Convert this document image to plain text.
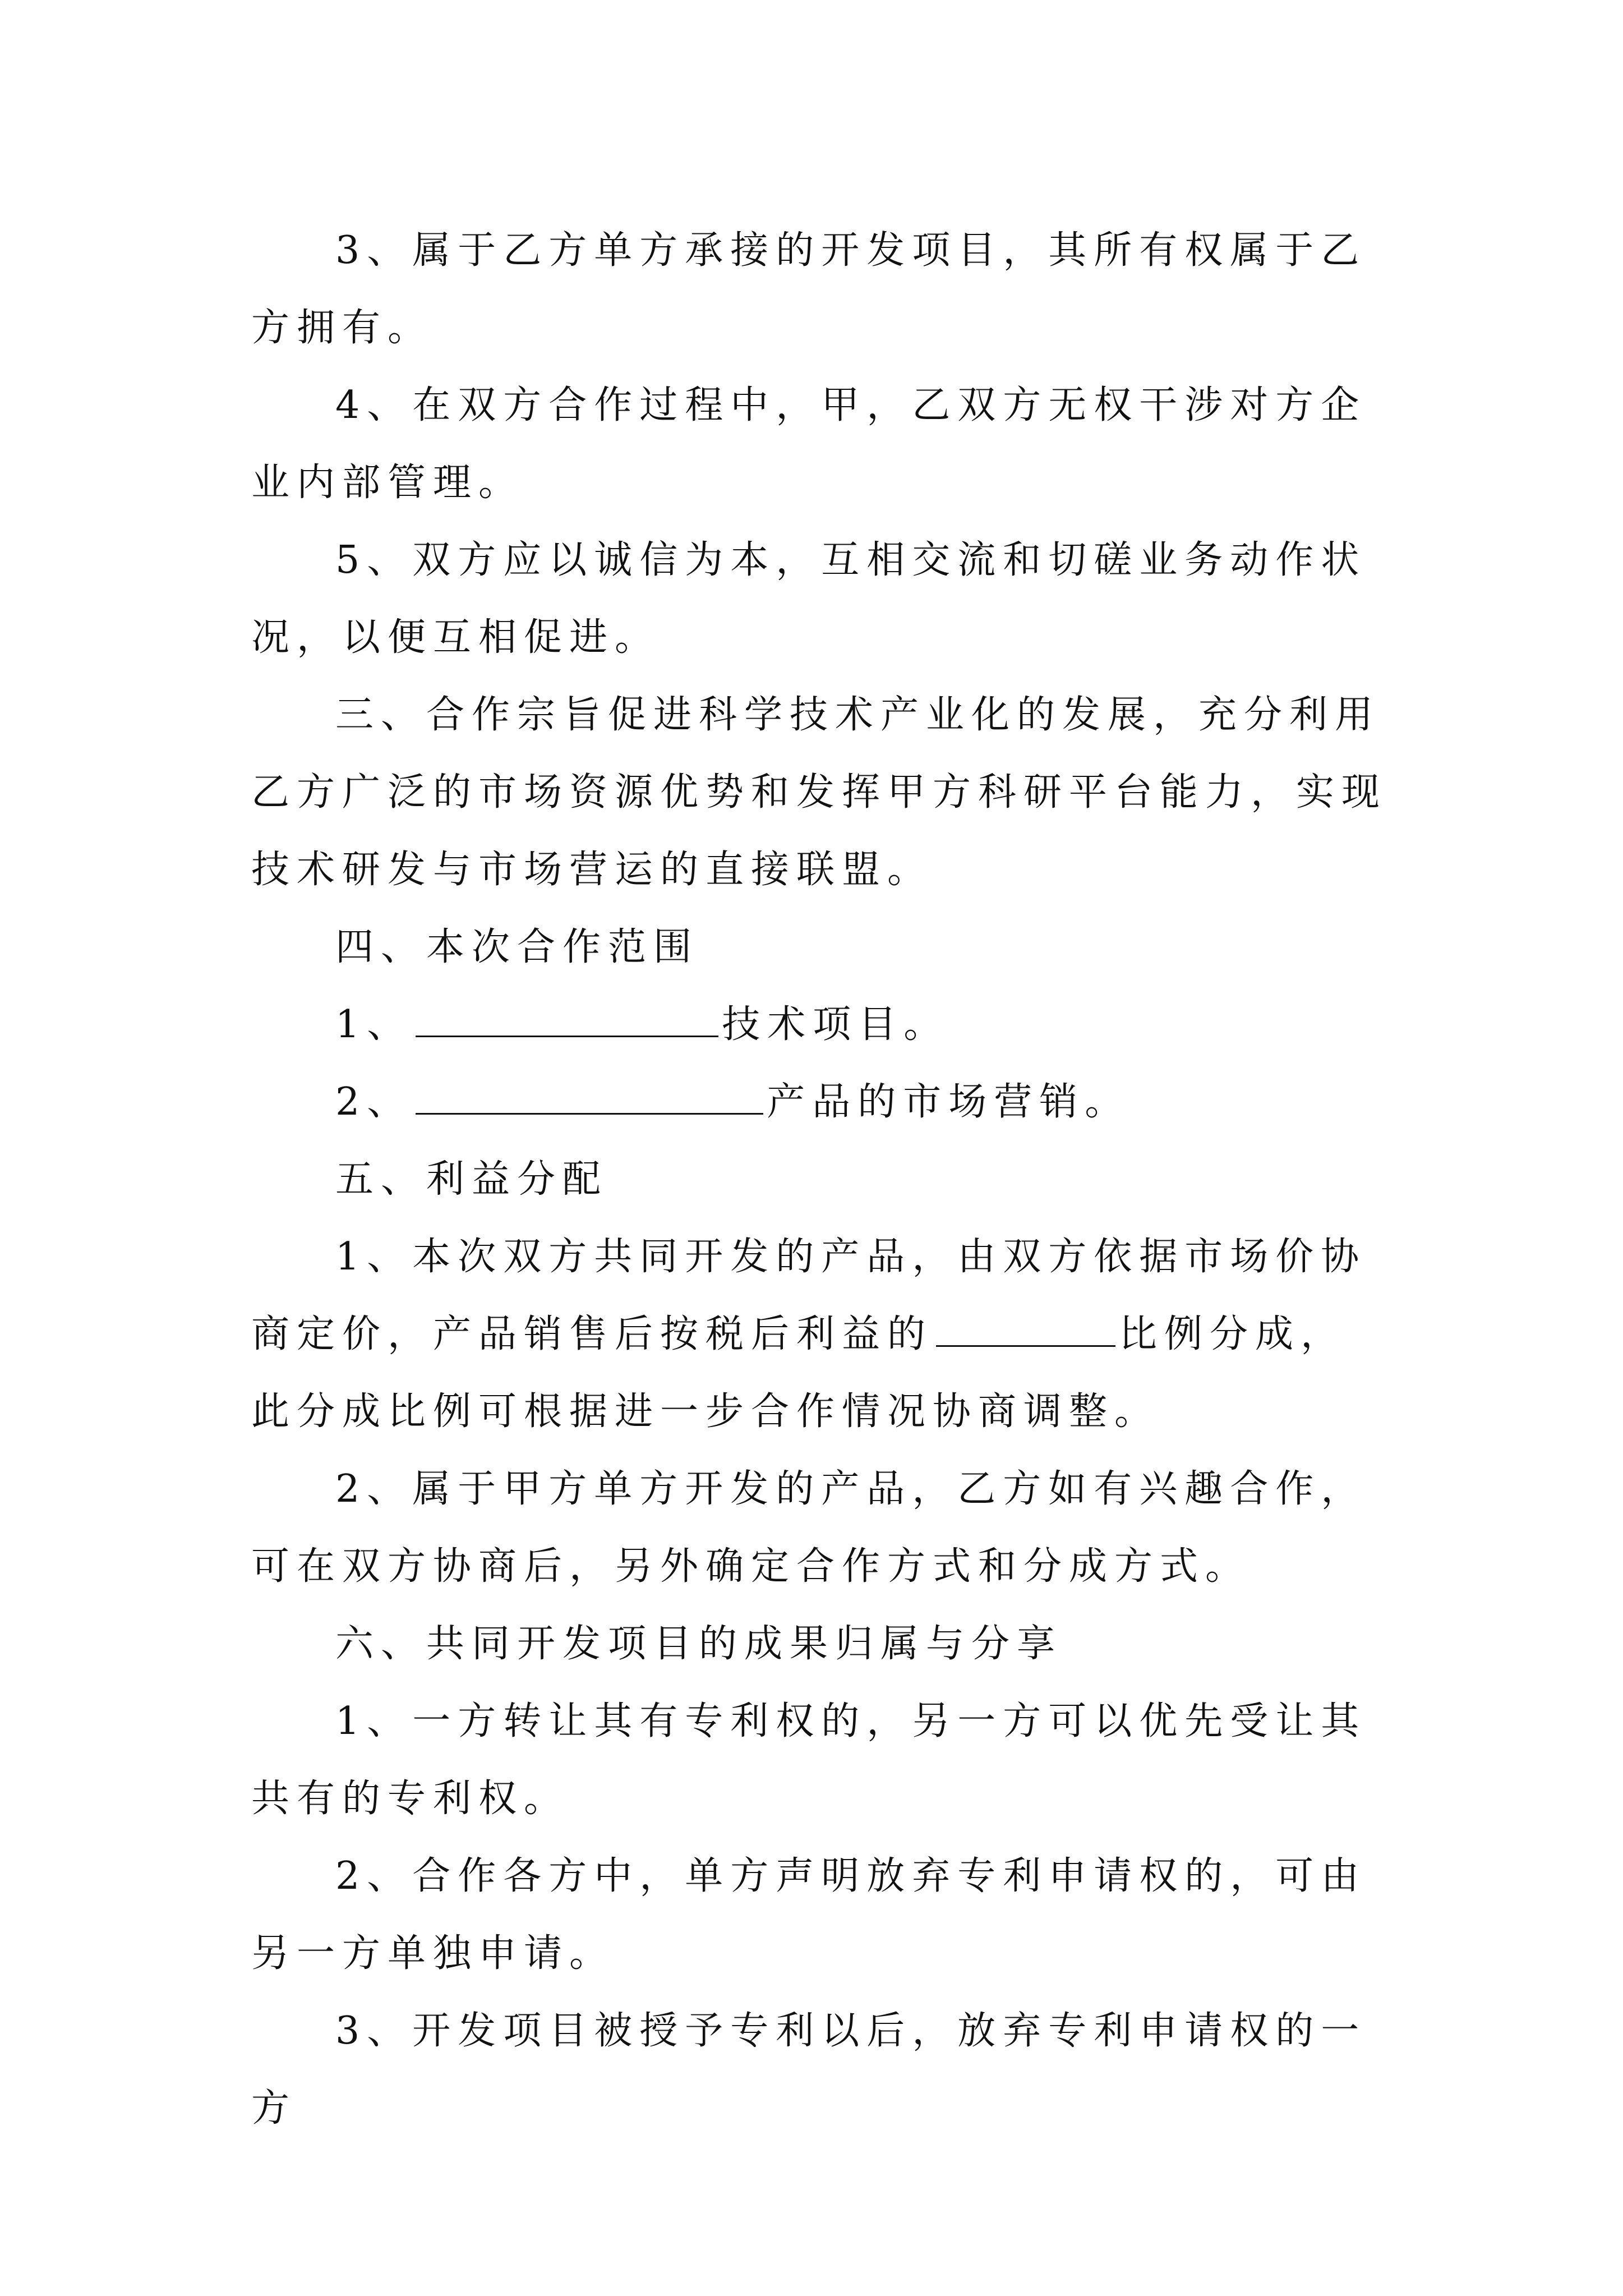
3、属于乙方单方承接的开发项目，其所有权属于乙方拥有。

4、在双方合作过程中，甲，乙双方无权干涉对方企业内部管理。

5、双方应以诚信为本，互相交流和切磋业务动作状况，以便互相促进。

三、合作宗旨促进科学技术产业化的发展，充分利用乙方广泛的市场资源优势和发挥甲方科研平台能力，实现技术研发与市场营运的直接联盟。

四、本次合作范围

1、	技术项目。

2、	产品的市场营销。

五、利益分配

1、本次双方共同开发的产品，由双方依据市场价协商定价，产品销售后按税后利益的	比例分成，此分成比例可根据进一步合作情况协商调整。

2、属于甲方单方开发的产品，乙方如有兴趣合作，可在双方协商后，另外确定合作方式和分成方式。

六、共同开发项目的成果归属与分享

1、一方转让其有专利权的，另一方可以优先受让其共有的专利权。

2、合作各方中，单方声明放弃专利申请权的，可由另一方单独申请。

3、开发项目被授予专利以后，放弃专利申请权的一方
